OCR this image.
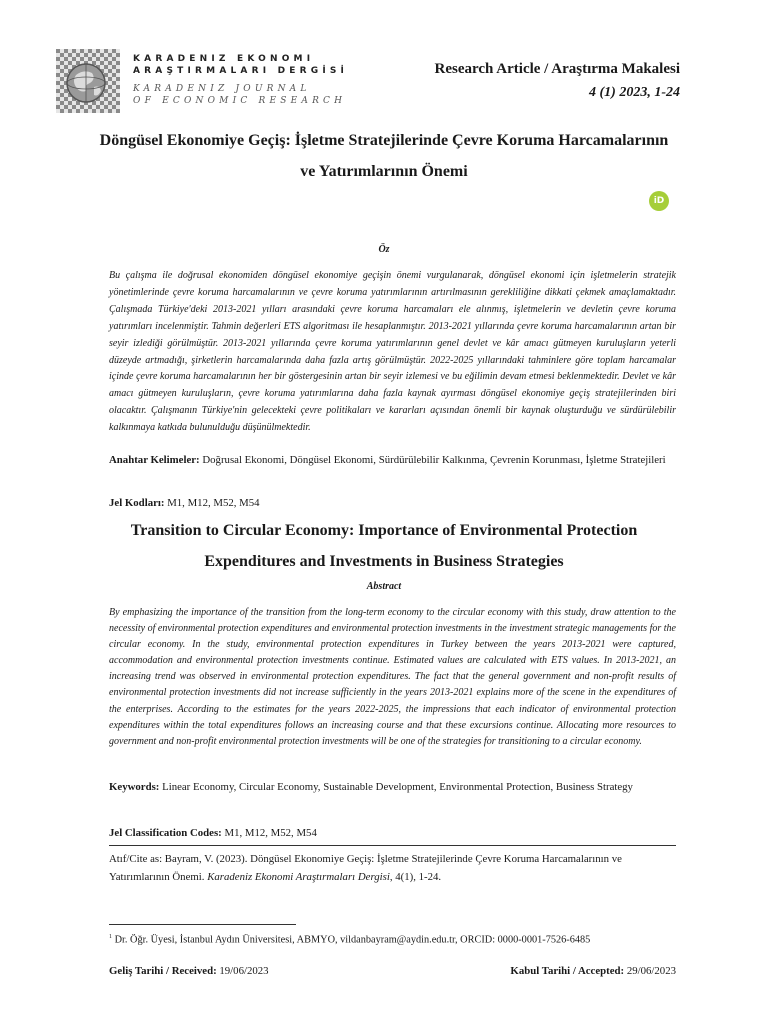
KARADENIZ EKONOMI
ARAŞTIRMALARI DERGİSİ
KARADENIZ JOURNAL
OF ECONOMIC RESEARCH
Research Article / Araştırma Makalesi
4 (1) 2023, 1-24
Döngüsel Ekonomiye Geçiş: İşletme Stratejilerinde Çevre Koruma Harcamalarının
ve Yatırımlarının Önemi
iD
Öz
Bu çalışma ile doğrusal ekonomiden döngüsel ekonomiye geçişin önemi vurgulanarak, döngüsel ekonomi için işletmelerin stratejik yönetimlerinde çevre koruma harcamalarının ve çevre koruma yatırımlarının artırılmasının gerekliliğine dikkati çekmek amaçlamaktadır. Çalışmada Türkiye'deki 2013-2021 yılları arasındaki çevre koruma harcamaları ele alınmış, işletmelerin ve devletin çevre koruma yatırımları incelenmiştir. Tahmin değerleri ETS algoritması ile hesaplanmıştır. 2013-2021 yıllarında çevre koruma harcamalarının artan bir seyir izlediği görülmüştür. 2013-2021 yıllarında çevre koruma yatırımlarının genel devlet ve kâr amacı gütmeyen kuruluşların yeterli düzeyde artmadığı, şirketlerin harcamalarında daha fazla artış görülmüştür. 2022-2025 yıllarındaki tahminlere göre toplam harcamalar içinde çevre koruma harcamalarının her bir göstergesinin artan bir seyir izlemesi ve bu eğilimin devam etmesi beklenmektedir. Devlet ve kâr amacı gütmeyen kuruluşların, çevre koruma yatırımlarına daha fazla kaynak ayırması döngüsel ekonomiye geçiş stratejilerinden biri olacaktır. Çalışmanın Türkiye'nin gelecekteki çevre politikaları ve kararları açısından önemli bir kaynak oluşturduğu ve sürdürülebilir kalkınmaya katkıda bulunulduğu düşünülmektedir.
Anahtar Kelimeler: Doğrusal Ekonomi, Döngüsel Ekonomi, Sürdürülebilir Kalkınma, Çevrenin Korunması, İşletme Stratejileri
Jel Kodları: M1, M12, M52, M54
Transition to Circular Economy: Importance of Environmental Protection
Expenditures and Investments in Business Strategies
Abstract
By emphasizing the importance of the transition from the long-term economy to the circular economy with this study, draw attention to the necessity of environmental protection expenditures and environmental protection investments in the investment strategic managements for the circular economy. In the study, environmental protection expenditures in Turkey between the years 2013-2021 were captured, accommodation and environmental protection investments continue. Estimated values are calculated with ETS values. In 2013-2021, an increasing trend was observed in environmental protection expenditures. The fact that the general government and non-profit results of environmental protection investments did not increase sufficiently in the years 2013-2021 explains more of the scene in the expenditures of the enterprises. According to the estimates for the years 2022-2025, the impressions that each indicator of environmental protection expenditures within the total expenditures follows an increasing course and that these excursions continue. Allocating more resources to government and non-profit environmental protection investments will be one of the strategies for transitioning to a circular economy.
Keywords: Linear Economy, Circular Economy, Sustainable Development, Environmental Protection, Business Strategy
Jel Classification Codes: M1, M12, M52, M54
Atıf/Cite as: Bayram, V. (2023). Döngüsel Ekonomiye Geçiş: İşletme Stratejilerinde Çevre Koruma Harcamalarının ve Yatırımlarının Önemi. Karadeniz Ekonomi Araştırmaları Dergisi, 4(1), 1-24.
$^1$ Dr. Öğr. Üyesi, İstanbul Aydın Üniversitesi, ABMYO, vildanbayram@aydin.edu.tr, ORCID: 0000-0001-7526-6485
Geliş Tarihi / Received: 19/06/2023	Kabul Tarihi / Accepted: 29/06/2023
